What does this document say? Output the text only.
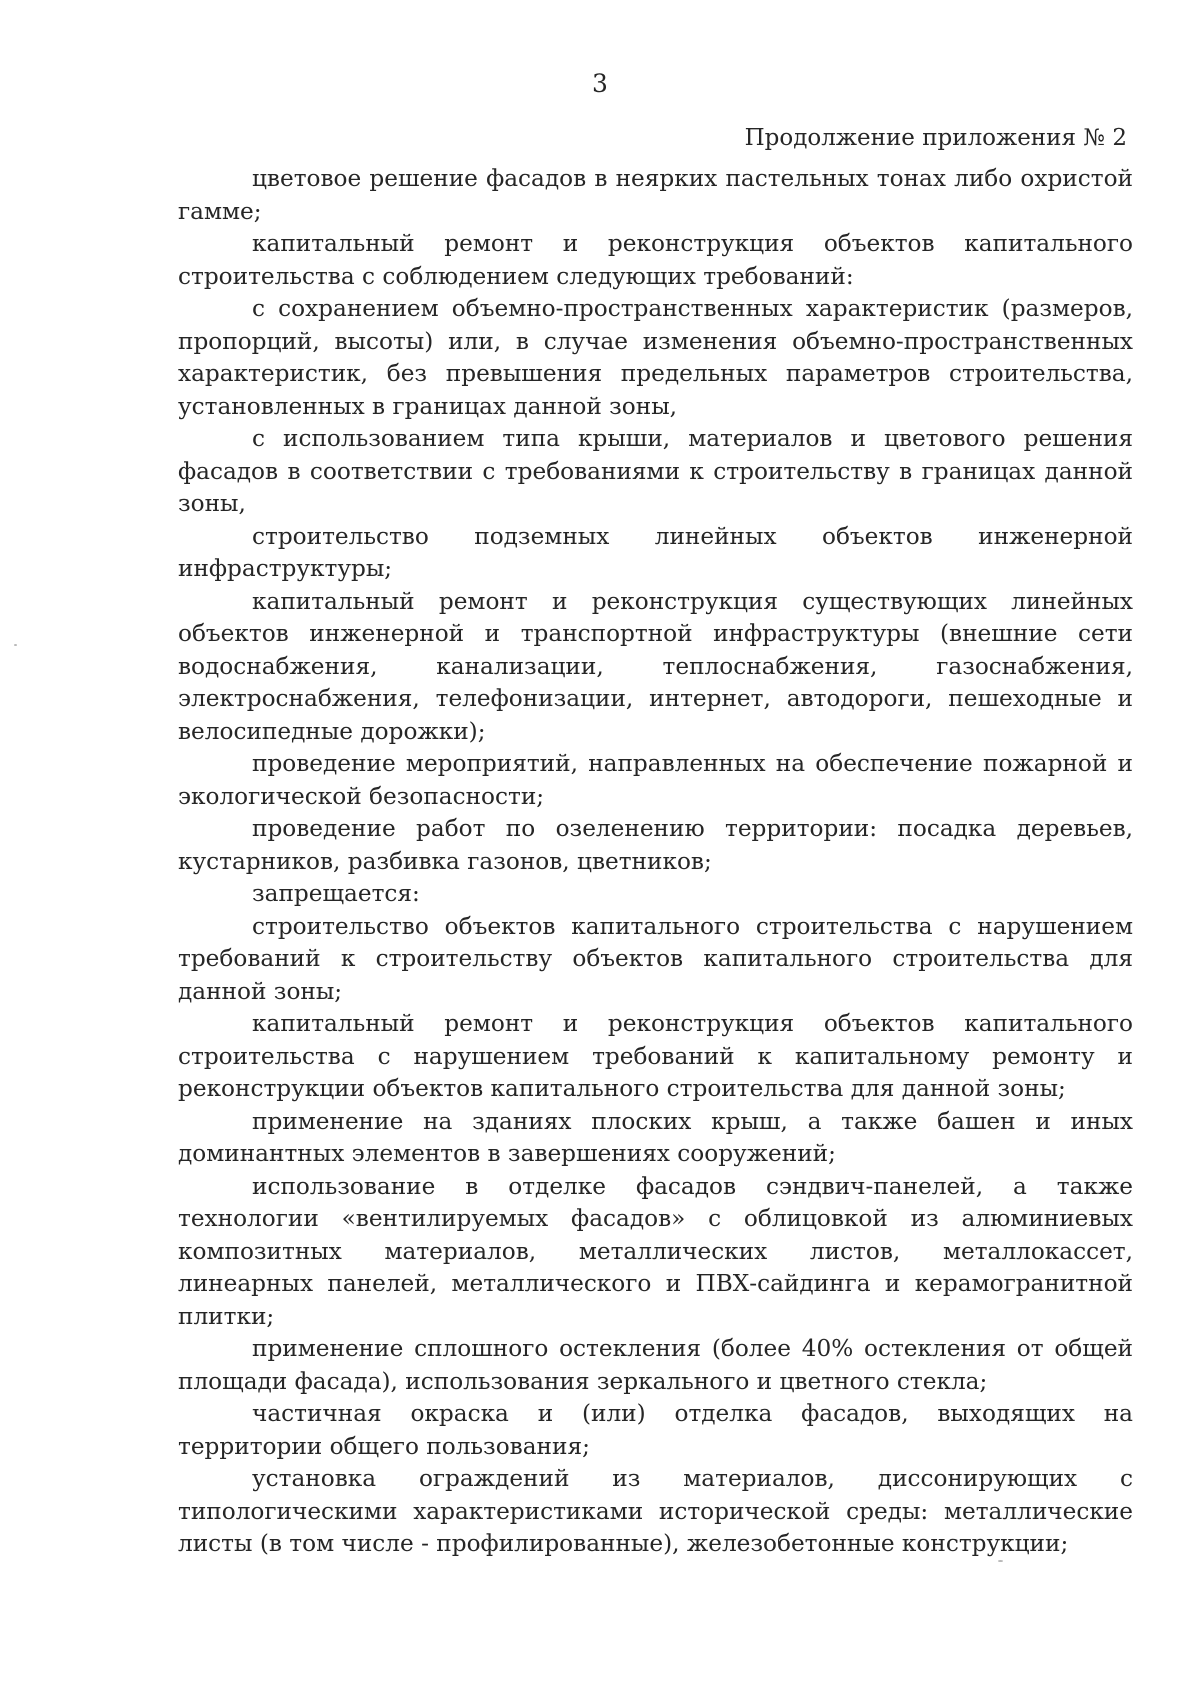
3
Продолжение приложения № 2

цветовое решение фасадов в неярких пастельных тонах либо охристой гамме;

капитальный ремонт и реконструкция объектов капитального строительства с соблюдением следующих требований:

с сохранением объемно-пространственных характеристик (размеров, пропорций, высоты) или, в случае изменения объемно-пространственных характеристик, без превышения предельных параметров строительства, установленных в границах данной зоны,

с использованием типа крыши, материалов и цветового решения фасадов в соответствии с требованиями к строительству в границах данной зоны,

строительство подземных линейных объектов инженерной инфраструктуры;

капитальный ремонт и реконструкция существующих линейных объектов инженерной и транспортной инфраструктуры (внешние сети водоснабжения, канализации, теплоснабжения, газоснабжения, электроснабжения, телефонизации, интернет, автодороги, пешеходные и велосипедные дорожки);

проведение мероприятий, направленных на обеспечение пожарной и экологической безопасности;

проведение работ по озеленению территории: посадка деревьев, кустарников, разбивка газонов, цветников;

запрещается:

строительство объектов капитального строительства с нарушением требований к строительству объектов капитального строительства для данной зоны;

капитальный ремонт и реконструкция объектов капитального строительства с нарушением требований к капитальному ремонту и реконструкции объектов капитального строительства для данной зоны;

применение на зданиях плоских крыш, а также башен и иных доминантных элементов в завершениях сооружений;

использование в отделке фасадов сэндвич-панелей, а также технологии «вентилируемых фасадов» с облицовкой из алюминиевых композитных материалов, металлических листов, металлокассет, линеарных панелей, металлического и ПВХ-сайдинга и керамогранитной плитки;

применение сплошного остекления (более 40% остекления от общей площади фасада), использования зеркального и цветного стекла;

частичная окраска и (или) отделка фасадов, выходящих на территории общего пользования;

установка ограждений из материалов, диссонирующих с типологическими характеристиками исторической среды: металлические листы (в том числе - профилированные), железобетонные конструкции;
